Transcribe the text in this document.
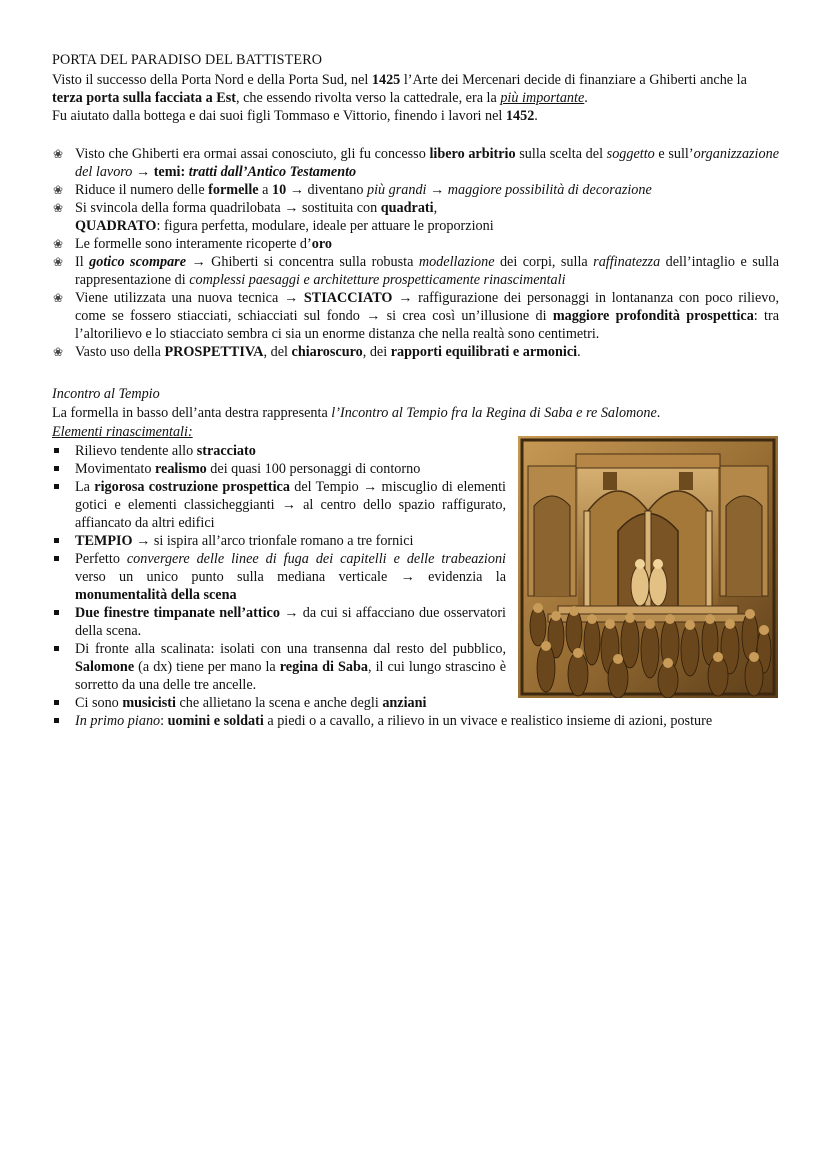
PORTA DEL PARADISO DEL BATTISTERO

Visto il successo della Porta Nord e della Porta Sud, nel 1425 l’Arte dei Mercenari decide di finanziare a Ghiberti anche la terza porta sulla facciata a Est, che essendo rivolta verso la cattedrale, era la più importante.

Fu aiutato dalla bottega e dai suoi figli Tommaso e Vittorio, finendo i lavori nel 1452.

❀ Visto che Ghiberti era ormai assai conosciuto, gli fu concesso libero arbitrio sulla scelta del soggetto e sull’organizzazione del lavoro → temi: tratti dall’Antico Testamento
❀ Riduce il numero delle formelle a 10 → diventano più grandi → maggiore possibilità di decorazione
❀ Si svincola della forma quadrilobata → sostituita con quadrati,
QUADRATO: figura perfetta, modulare, ideale per attuare le proporzioni
❀ Le formelle sono interamente ricoperte d’oro
❀ Il gotico scompare → Ghiberti si concentra sulla robusta modellazione dei corpi, sulla raffinatezza dell’intaglio e sulla rappresentazione di complessi paesaggi e architetture prospetticamente rinascimentali
❀ Viene utilizzata una nuova tecnica → STIACCIATO → raffigurazione dei personaggi in lontananza con poco rilievo, come se fossero stiacciati, schiacciati sul fondo → si crea così un’illusione di maggiore profondità prospettica: tra l’altorilievo e lo stiacciato sembra ci sia un enorme distanza che nella realtà sono centimetri.
❀ Vasto uso della PROSPETTIVA, del chiaroscuro, dei rapporti equilibrati e armonici.
Incontro al Tempio
La formella in basso dell’anta destra rappresenta l’Incontro al Tempio fra la Regina di Saba e re Salomone.
Elementi rinascimentali:
Rilievo tendente allo stracciato
Movimentato realismo dei quasi 100 personaggi di contorno
La rigorosa costruzione prospettica del Tempio → miscuglio di elementi gotici e elementi classicheggianti → al centro dello spazio raffigurato, affiancato da altri edifici
TEMPIO → si ispira all’arco trionfale romano a tre fornici
Perfetto convergere delle linee di fuga dei capitelli e delle trabeazioni verso un unico punto sulla mediana verticale → evidenzia la monumentalità della scena
Due finestre timpanate nell’attico → da cui si affacciano due osservatori della scena.
Di fronte alla scalinata: isolati con una transenna dal resto del pubblico, Salomone (a dx) tiene per mano la regina di Saba, il cui lungo strascino è sorretto da una delle tre ancelle.
Ci sono musicisti che allietano la scena e anche degli anziani
In primo piano: uomini e soldati a piedi o a cavallo, a rilievo in un vivace e realistico insieme di azioni, posture
